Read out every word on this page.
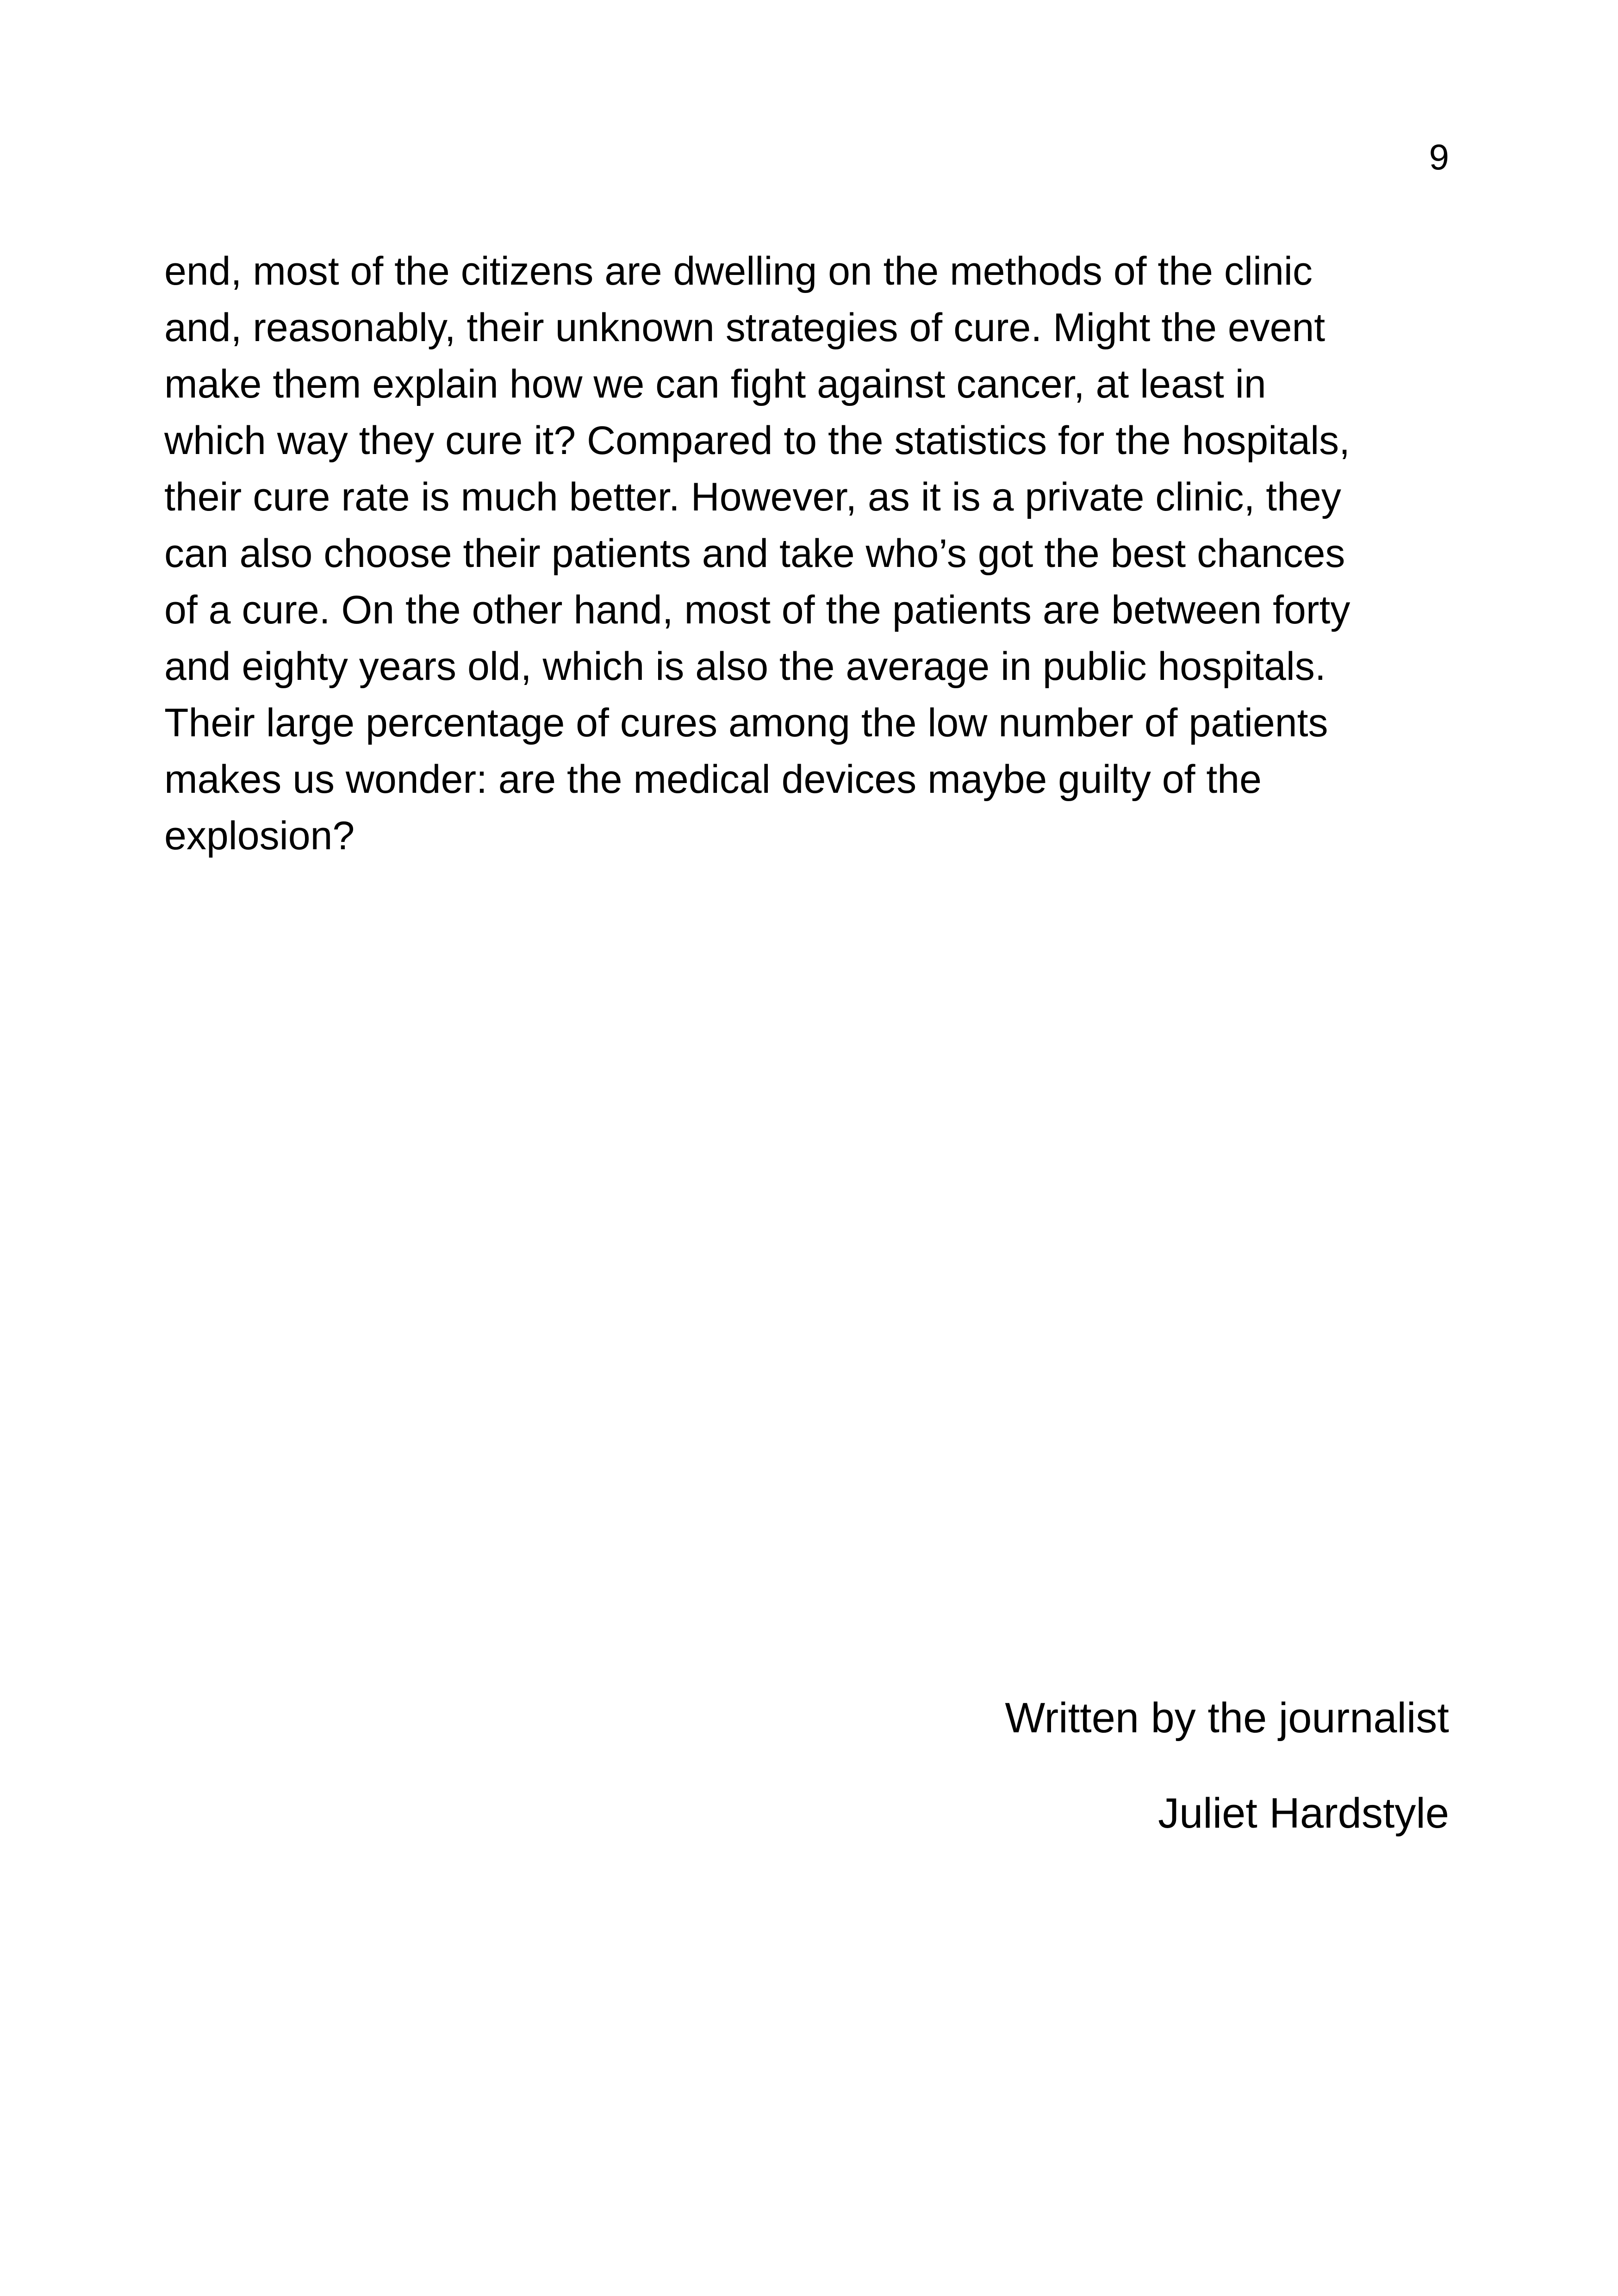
9
end, most of the citizens are dwelling on the methods of the clinic
and, reasonably, their unknown strategies of cure. Might the event
make them explain how we can fight against cancer, at least in
which way they cure it? Compared to the statistics for the hospitals,
their cure rate is much better. However, as it is a private clinic, they
can also choose their patients and take who’s got the best chances
of a cure. On the other hand, most of the patients are between forty
and eighty years old, which is also the average in public hospitals.
Their large percentage of cures among the low number of patients
makes us wonder: are the medical devices maybe guilty of the
explosion?
Written by the journalist
Juliet Hardstyle
